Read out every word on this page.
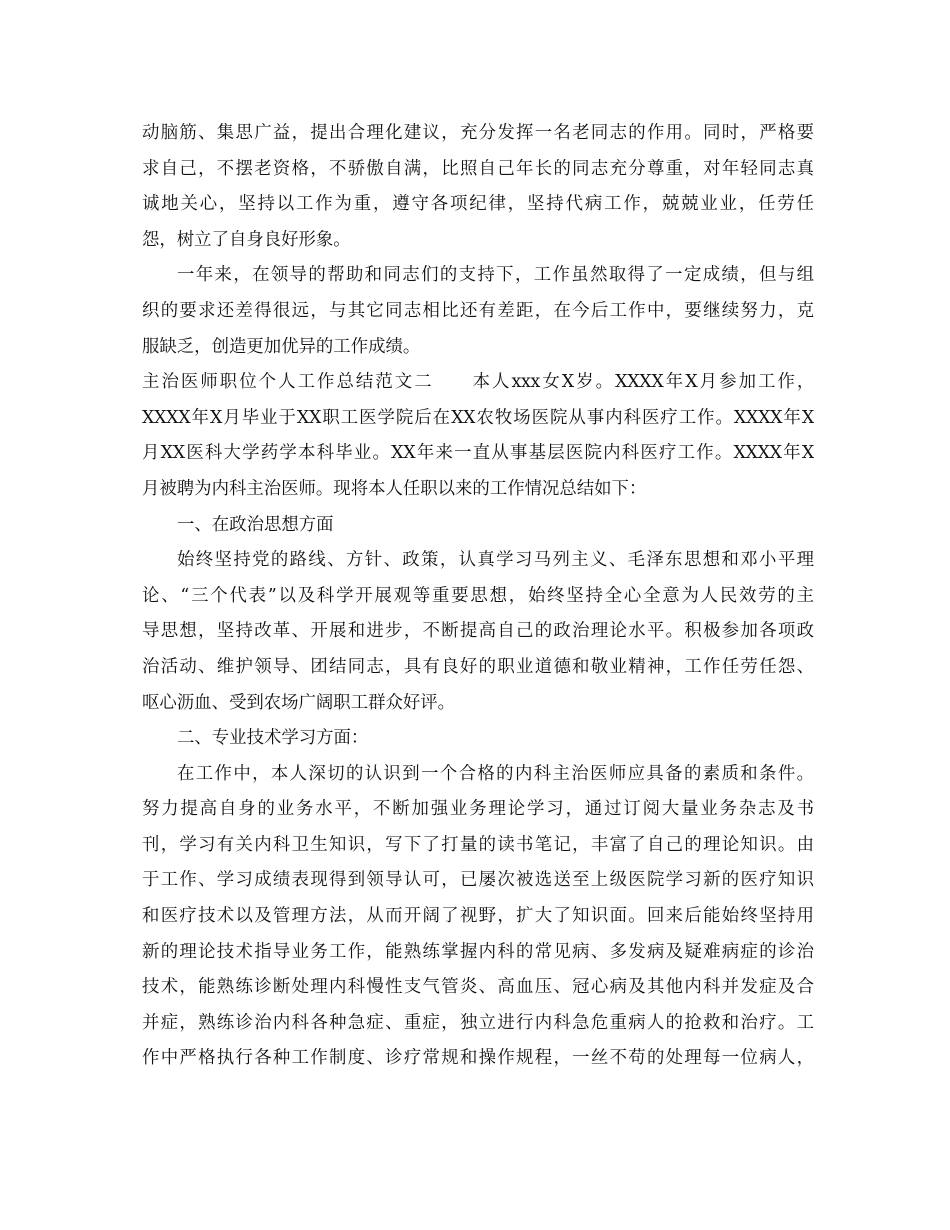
动脑筋、集思广益，提出合理化建议，充分发挥一名老同志的作用。同时，严格要
求自己，不摆老资格，不骄傲自满，比照自己年长的同志充分尊重，对年轻同志真
诚地关心，坚持以工作为重，遵守各项纪律，坚持代病工作，兢兢业业，任劳任
怨，树立了自身良好形象。
一年来，在领导的帮助和同志们的支持下，工作虽然取得了一定成绩，但与组
织的要求还差得很远，与其它同志相比还有差距，在今后工作中，要继续努力，克
服缺乏，创造更加优异的工作成绩。
主治医师职位个人工作总结范文二　　本人xxx女X岁。XXXX年X月参加工作，
XXXX年X月毕业于XX职工医学院后在XX农牧场医院从事内科医疗工作。XXXX年X
月XX医科大学药学本科毕业。XX年来一直从事基层医院内科医疗工作。XXXX年X
月被聘为内科主治医师。现将本人任职以来的工作情况总结如下：
一、在政治思想方面
始终坚持党的路线、方针、政策，认真学习马列主义、毛泽东思想和邓小平理
论、“三个代表”以及科学开展观等重要思想，始终坚持全心全意为人民效劳的主
导思想，坚持改革、开展和进步，不断提高自己的政治理论水平。积极参加各项政
治活动、维护领导、团结同志，具有良好的职业道德和敬业精神，工作任劳任怨、
呕心沥血、受到农场广阔职工群众好评。
二、专业技术学习方面：
在工作中，本人深切的认识到一个合格的内科主治医师应具备的素质和条件。
努力提高自身的业务水平，不断加强业务理论学习，通过订阅大量业务杂志及书
刊，学习有关内科卫生知识，写下了打量的读书笔记，丰富了自己的理论知识。由
于工作、学习成绩表现得到领导认可，已屡次被选送至上级医院学习新的医疗知识
和医疗技术以及管理方法，从而开阔了视野，扩大了知识面。回来后能始终坚持用
新的理论技术指导业务工作，能熟练掌握内科的常见病、多发病及疑难病症的诊治
技术，能熟练诊断处理内科慢性支气管炎、高血压、冠心病及其他内科并发症及合
并症，熟练诊治内科各种急症、重症，独立进行内科急危重病人的抢救和治疗。工
作中严格执行各种工作制度、诊疗常规和操作规程，一丝不苟的处理每一位病人，
